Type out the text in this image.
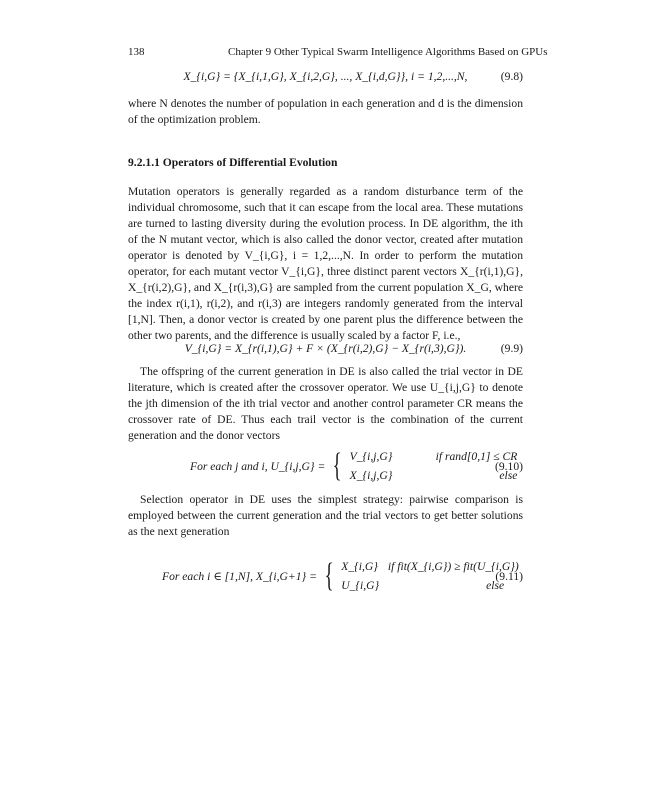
138	Chapter 9 Other Typical Swarm Intelligence Algorithms Based on GPUs
X_{i,G} = {X_{i,1,G}, X_{i,2,G}, ..., X_{i,d,G}}, i = 1,2,...,N,	(9.8)

where N denotes the number of population in each generation and d is the dimension of the optimization problem.

9.2.1.1 Operators of Differential Evolution

Mutation operators is generally regarded as a random disturbance term of the individual chromosome, such that it can escape from the local area. These mutations are turned to lasting diversity during the evolution process. In DE algorithm, the ith of the N mutant vector, which is also called the donor vector, created after mutation operator is denoted by V_{i,G}, i = 1,2,...,N. In order to perform the mutation operator, for each mutant vector V_{i,G}, three distinct parent vectors X_{r(i,1),G}, X_{r(i,2),G}, and X_{r(i,3),G} are sampled from the current population X_G, where the index r(i,1), r(i,2), and r(i,3) are integers randomly generated from the interval [1,N]. Then, a donor vector is created by one parent plus the difference between the other two parents, and the difference is usually scaled by a factor F, i.e.,

V_{i,G} = X_{r(i,1),G} + F × (X_{r(i,2),G} − X_{r(i,3),G}).	(9.9)

The offspring of the current generation in DE is also called the trial vector in DE literature, which is created after the crossover operator. We use U_{i,j,G} to denote the jth dimension of the ith trial vector and another control parameter CR means the crossover rate of DE. Thus each trail vector is the combination of the current generation and the donor vectors

For each j and i, U_{i,j,G} = { V_{i,j,G}	if rand[0,1] ≤ CR
X_{i,j,G}	else
(9.10)

Selection operator in DE uses the simplest strategy: pairwise comparison is employed between the current generation and the trial vectors to get better solutions as the next generation

For each i ∈ [1,N], X_{i,G+1} = { X_{i,G} if fit(X_{i,G}) ≥ fit(U_{i,G})
U_{i,G}	else
(9.11)
